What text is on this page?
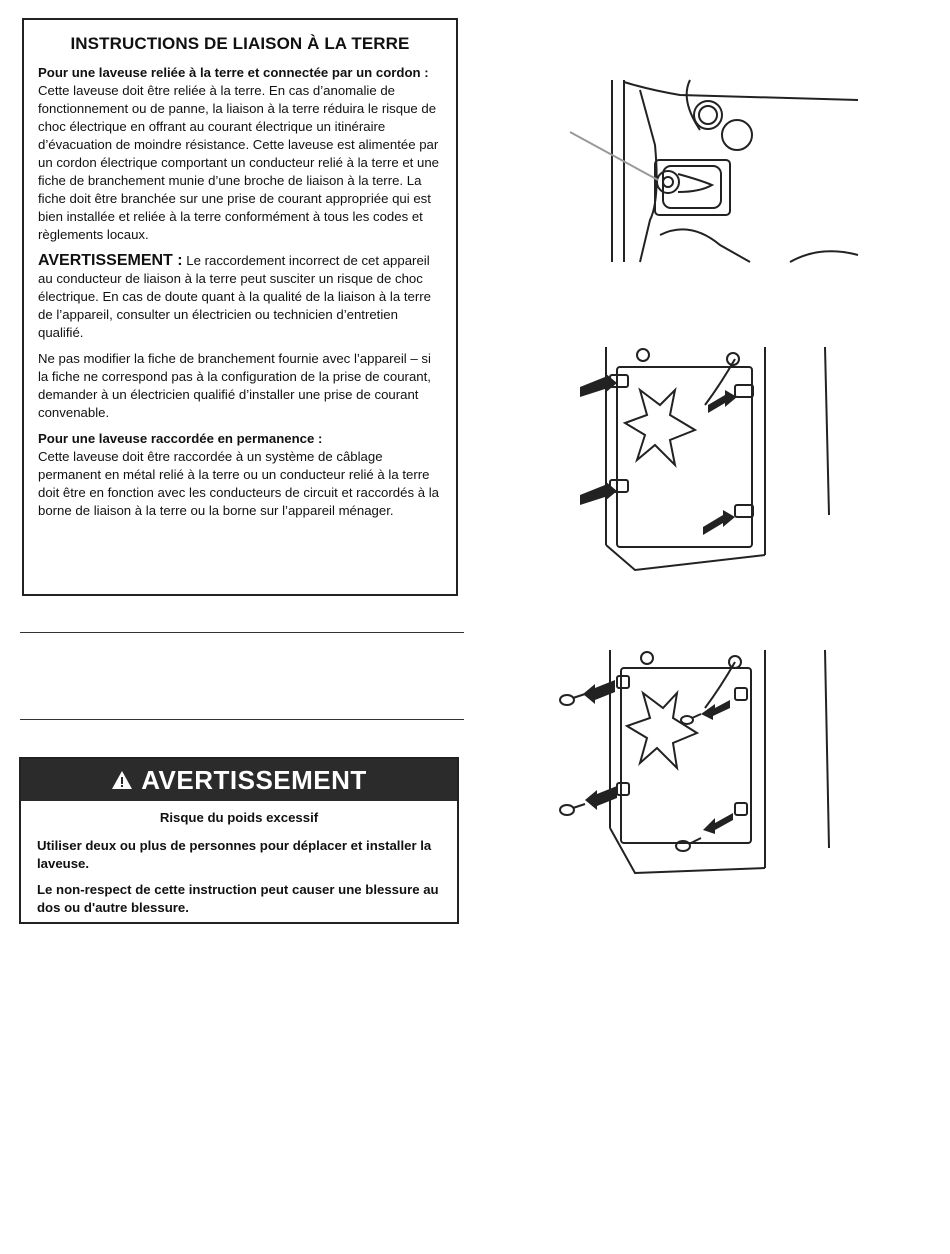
INSTRUCTIONS DE LIAISON À LA TERRE

Pour une laveuse reliée à la terre et connectée par un cordon :

Cette laveuse doit être reliée à la terre. En cas d’anomalie de fonctionnement ou de panne, la liaison à la terre réduira le risque de choc électrique en offrant au courant électrique un itinéraire d’évacuation de moindre résistance. Cette laveuse est alimentée par un cordon électrique comportant un conducteur relié à la terre et une fiche de branchement munie d’une broche de liaison à la terre. La fiche doit être branchée sur une prise de courant appropriée qui est bien installée et reliée à la terre conformément à tous les codes et règlements locaux.

AVERTISSEMENT : Le raccordement incorrect de cet appareil au conducteur de liaison à la terre peut susciter un risque de choc électrique. En cas de doute quant à la qualité de la liaison à la terre de l’appareil, consulter un électricien ou technicien d’entretien qualifié.

Ne pas modifier la fiche de branchement fournie avec l’appareil – si la fiche ne correspond pas à la configuration de la prise de courant, demander à un électricien qualifié d’installer une prise de courant convenable.

Pour une laveuse raccordée en permanence :

Cette laveuse doit être raccordée à un système de câblage permanent en métal relié à la terre ou un conducteur relié à la terre doit être en fonction avec les conducteurs de circuit et raccordés à la borne de liaison à la terre ou la borne sur l’appareil ménager.

AVERTISSEMENT

Risque du poids excessif

Utiliser deux ou plus de personnes pour déplacer et installer la laveuse.

Le non-respect de cette instruction peut causer une blessure au dos ou d'autre blessure.
